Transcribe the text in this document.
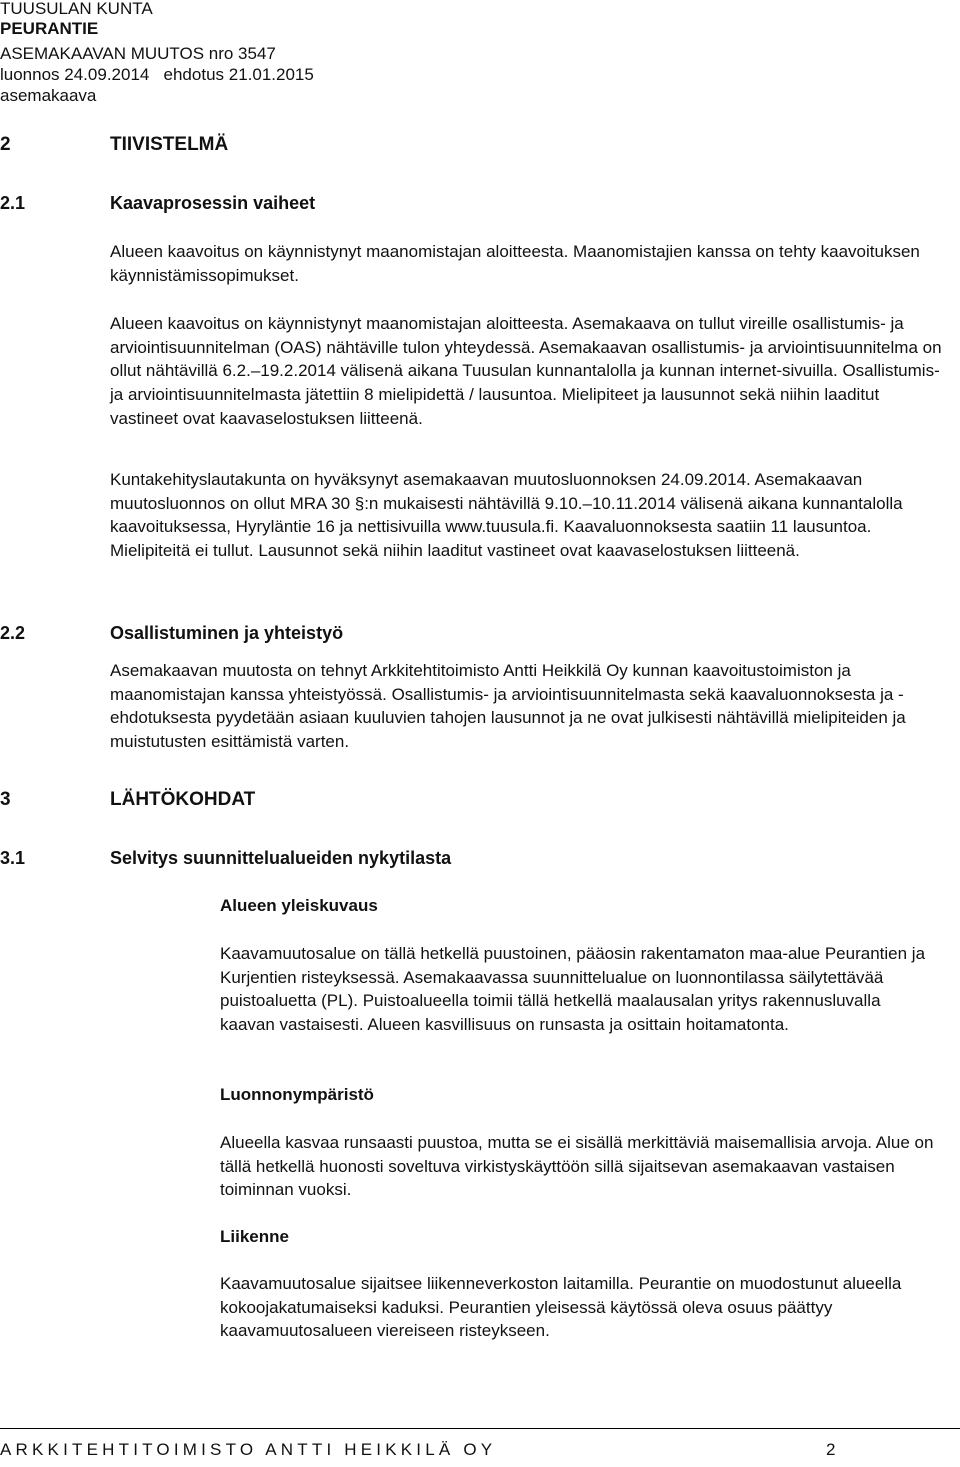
TUUSULAN KUNTA
PEURANTIE
ASEMAKAAVAN MUUTOS nro 3547
luonnos 24.09.2014   ehdotus 21.01.2015
asemakaava
2	TIIVISTELMÄ
2.1	Kaavaprosessin vaiheet

Alueen kaavoitus on käynnistynyt maanomistajan aloitteesta. Maanomistajien kanssa on tehty kaavoituksen käynnistämissopimukset.

Alueen kaavoitus on käynnistynyt maanomistajan aloitteesta. Asemakaava on tullut vireille osallistumis- ja arviointisuunnitelman (OAS) nähtäville tulon yhteydessä. Asemakaavan osallistumis- ja arviointisuunnitelma on ollut nähtävillä 6.2.–19.2.2014 välisenä aikana Tuusulan kunnantalolla ja kunnan internet-sivuilla. Osallistumis- ja arviointisuunnitelmasta jätettiin 8 mielipidettä / lausuntoa. Mielipiteet ja lausunnot sekä niihin laaditut vastineet ovat kaavaselostuksen liitteenä.

Kuntakehityslautakunta on hyväksynyt asemakaavan muutosluonnoksen 24.09.2014. Asemakaavan muutosluonnos on ollut MRA 30 §:n mukaisesti nähtävillä 9.10.–10.11.2014 välisenä aikana kunnantalolla kaavoituksessa, Hyryläntie 16 ja nettisivuilla www.tuusula.fi. Kaavaluonnoksesta saatiin 11 lausuntoa. Mielipiteitä ei tullut. Lausunnot sekä niihin laaditut vastineet ovat kaavaselostuksen liitteenä.

2.2	Osallistuminen ja yhteistyö

Asemakaavan muutosta on tehnyt Arkkitehtitoimisto Antti Heikkilä Oy kunnan kaavoitustoimiston ja maanomistajan kanssa yhteistyössä. Osallistumis- ja arviointisuunnitelmasta sekä kaavaluonnoksesta ja -ehdotuksesta pyydetään asiaan kuuluvien tahojen lausunnot ja ne ovat julkisesti nähtävillä mielipiteiden ja muistutusten esittämistä varten.

3	LÄHTÖKOHDAT
3.1	Selvitys suunnittelualueiden nykytilasta
Alueen yleiskuvaus

Kaavamuutosalue on tällä hetkellä puustoinen, pääosin rakentamaton maa-alue Peurantien ja Kurjentien risteyksessä. Asemakaavassa suunnittelualue on luonnontilassa säilytettävää puistoaluetta (PL). Puistoalueella toimii tällä hetkellä maalausalan yritys rakennusluvalla kaavan vastaisesti. Alueen kasvillisuus on runsasta ja osittain hoitamatonta.

Luonnonympäristö

Alueella kasvaa runsaasti puustoa, mutta se ei sisällä merkittäviä maisemallisia arvoja. Alue on tällä hetkellä huonosti soveltuva virkistyskäyttöön sillä sijaitsevan asemakaavan vastaisen toiminnan vuoksi.

Liikenne

Kaavamuutosalue sijaitsee liikenneverkoston laitamilla. Peurantie on muodostunut alueella kokoojakatumaiseksi kaduksi. Peurantien yleisessä käytössä oleva osuus päättyy kaavamuutosalueen viereiseen risteykseen.

ARKKITEHTITOIMISTO ANTTI HEIKKILÄ OY	2
